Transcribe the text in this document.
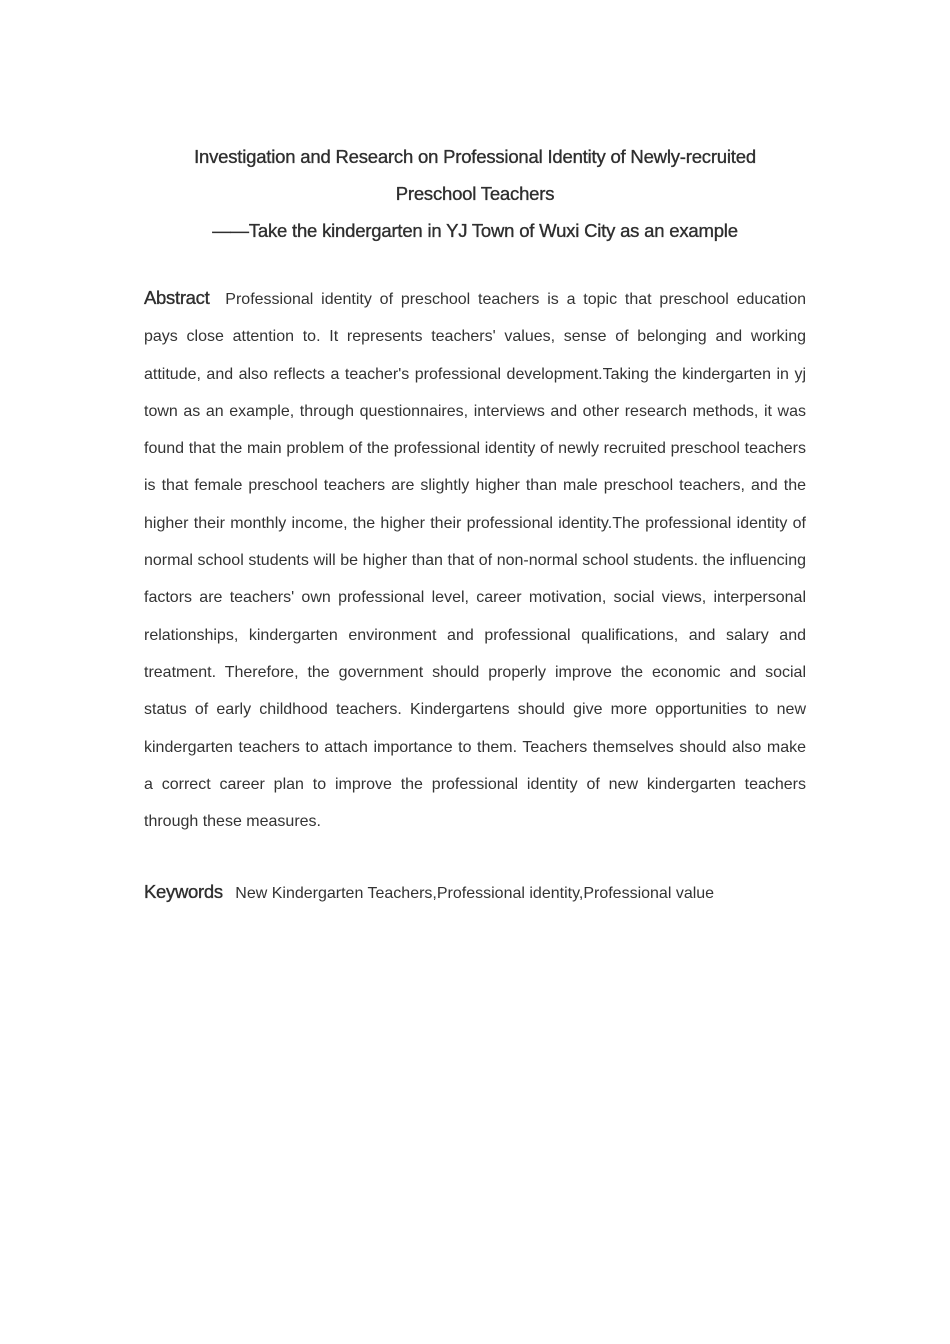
Investigation and Research on Professional Identity of Newly-recruited
Preschool Teachers
——Take the kindergarten in YJ Town of Wuxi City as an example
Abstract Professional identity of preschool teachers is a topic that preschool education pays close attention to. It represents teachers' values, sense of belonging and working attitude, and also reflects a teacher's professional development.Taking the kindergarten in yj town as an example, through questionnaires, interviews and other research methods, it was found that the main problem of the professional identity of newly recruited preschool teachers is that female preschool teachers are slightly higher than male preschool teachers, and the higher their monthly income, the higher their professional identity.The professional identity of normal school students will be higher than that of non-normal school students. the influencing factors are teachers' own professional level, career motivation, social views, interpersonal relationships, kindergarten environment and professional qualifications, and salary and treatment. Therefore, the government should properly improve the economic and social status of early childhood teachers. Kindergartens should give more opportunities to new kindergarten teachers to attach importance to them. Teachers themselves should also make a correct career plan to improve the professional identity of new kindergarten teachers through these measures.
Keywords New Kindergarten Teachers,Professional identity,Professional value
